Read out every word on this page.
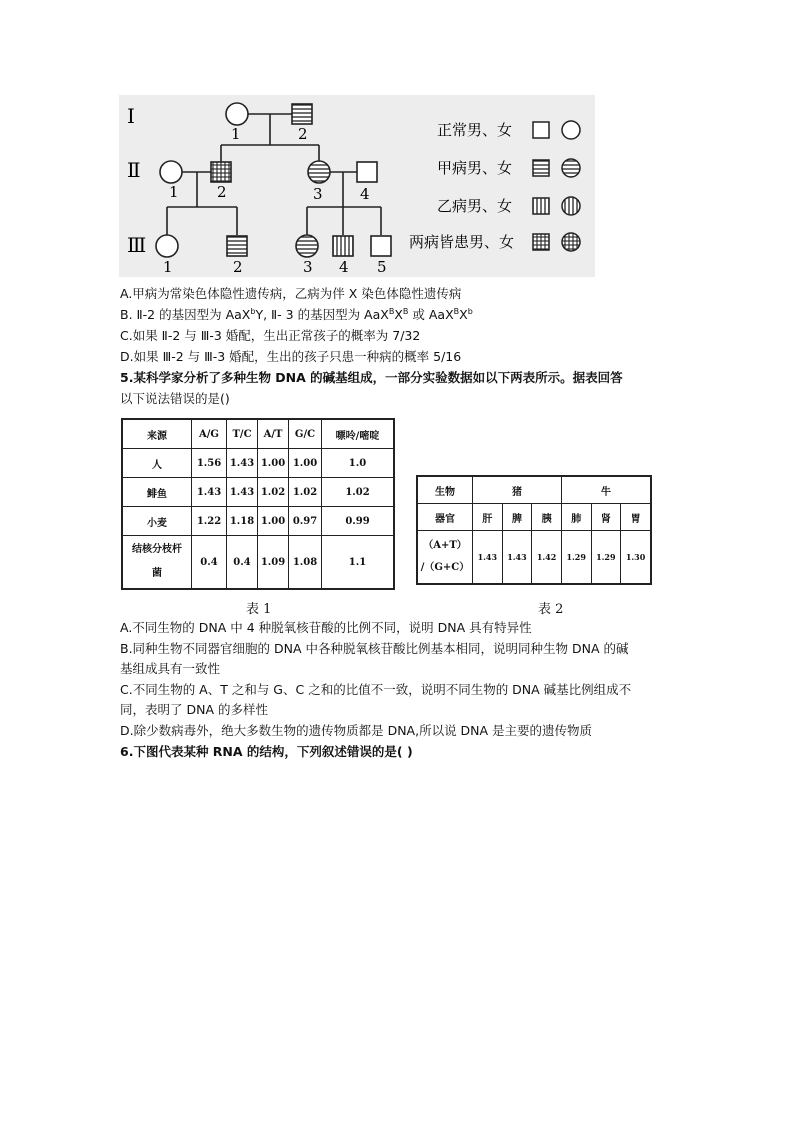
Ⅰ
Ⅱ
Ⅲ
1	2
1	2	3 4
1	2	3 4 5
正常男、女
甲病男、女
乙病男、女
两病皆患男、女
A.甲病为常染色体隐性遗传病，乙病为伴 X 染色体隐性遗传病
B. Ⅱ-2 的基因型为 AaX$^b$Y, Ⅱ- 3 的基因型为 $AaX^BX^B$ 或 $AaX^BX^b$
C.如果 Ⅱ-2 与 Ⅲ-3 婚配，生出正常孩子的概率为 7/32
D.如果 Ⅲ-2 与 Ⅲ-3 婚配，生出的孩子只患一种病的概率 5/16
5.某科学家分析了多种生物 DNA 的碱基组成，一部分实验数据如以下两表所示。据表回答
以下说法错误的是()
来源	A/G	T/C	A/T	G/C	嘌呤/嘧啶
人	1.56	1.43	1.00	1.00	1.0
鲱鱼	1.43	1.43	1.02	1.02	1.02
小麦	1.22	1.18	1.00	0.97	0.99
结核分枝杆菌	0.4	0.4	1.09	1.08	1.1
生物	猪			牛		
器官	肝	脾	胰	肺	肾	胃

（A+T）
/（G+C）	1.43	1.43	1.42	1.29	1.29	1.30
表 1	表 2
A.不同生物的 DNA 中 4 种脱氧核苷酸的比例不同，说明 DNA 具有特异性
B.同种生物不同器官细胞的 DNA 中各种脱氧核苷酸比例基本相同，说明同种生物 DNA 的碱
基组成具有一致性
C.不同生物的 A、T 之和与 G、C 之和的比值不一致，说明不同生物的 DNA 碱基比例组成不
同，表明了 DNA 的多样性
D.除少数病毒外，绝大多数生物的遗传物质都是 DNA,所以说 DNA 是主要的遗传物质
6.下图代表某种 RNA 的结构，下列叙述错误的是( )
